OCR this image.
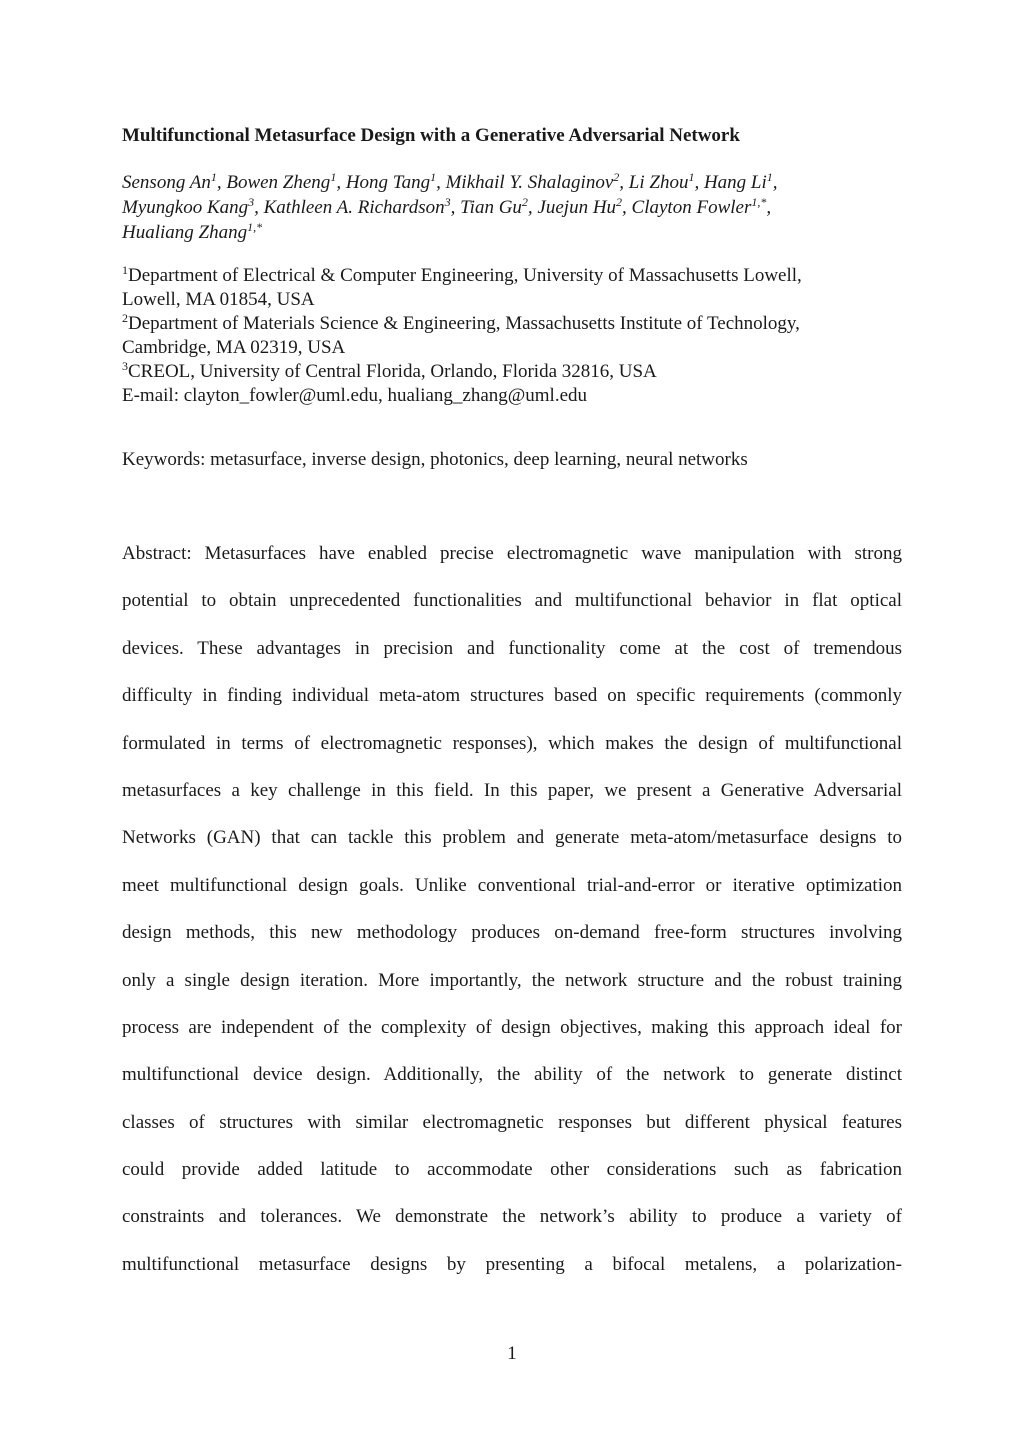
Multifunctional Metasurface Design with a Generative Adversarial Network
Sensong An$^1$, Bowen Zheng$^1$, Hong Tang$^1$, Mikhail Y. Shalaginov$^2$, Li Zhou$^1$, Hang Li$^1$, Myungkoo Kang$^3$, Kathleen A. Richardson$^3$, Tian Gu$^2$, Juejun Hu$^2$, Clayton Fowler$^{1,*}$, Hualiang Zhang$^{1,*}$
$^1$Department of Electrical & Computer Engineering, University of Massachusetts Lowell,
Lowell, MA 01854, USA
$^2$Department of Materials Science & Engineering, Massachusetts Institute of Technology,
Cambridge, MA 02319, USA
$^3$CREOL, University of Central Florida, Orlando, Florida 32816, USA
E-mail: clayton_fowler@uml.edu, hualiang_zhang@uml.edu
Keywords: metasurface, inverse design, photonics, deep learning, neural networks
Abstract: Metasurfaces have enabled precise electromagnetic wave manipulation with strong
potential to obtain unprecedented functionalities and multifunctional behavior in flat optical
devices. These advantages in precision and functionality come at the cost of tremendous
difficulty in finding individual meta-atom structures based on specific requirements (commonly
formulated in terms of electromagnetic responses), which makes the design of multifunctional
metasurfaces a key challenge in this field. In this paper, we present a Generative Adversarial
Networks (GAN) that can tackle this problem and generate meta-atom/metasurface designs to
meet multifunctional design goals. Unlike conventional trial-and-error or iterative optimization
design methods, this new methodology produces on-demand free-form structures involving
only a single design iteration. More importantly, the network structure and the robust training
process are independent of the complexity of design objectives, making this approach ideal for
multifunctional device design. Additionally, the ability of the network to generate distinct
classes of structures with similar electromagnetic responses but different physical features
could provide added latitude to accommodate other considerations such as fabrication
constraints and tolerances. We demonstrate the network’s ability to produce a variety of
multifunctional metasurface designs by presenting a bifocal metalens, a polarization-
1
